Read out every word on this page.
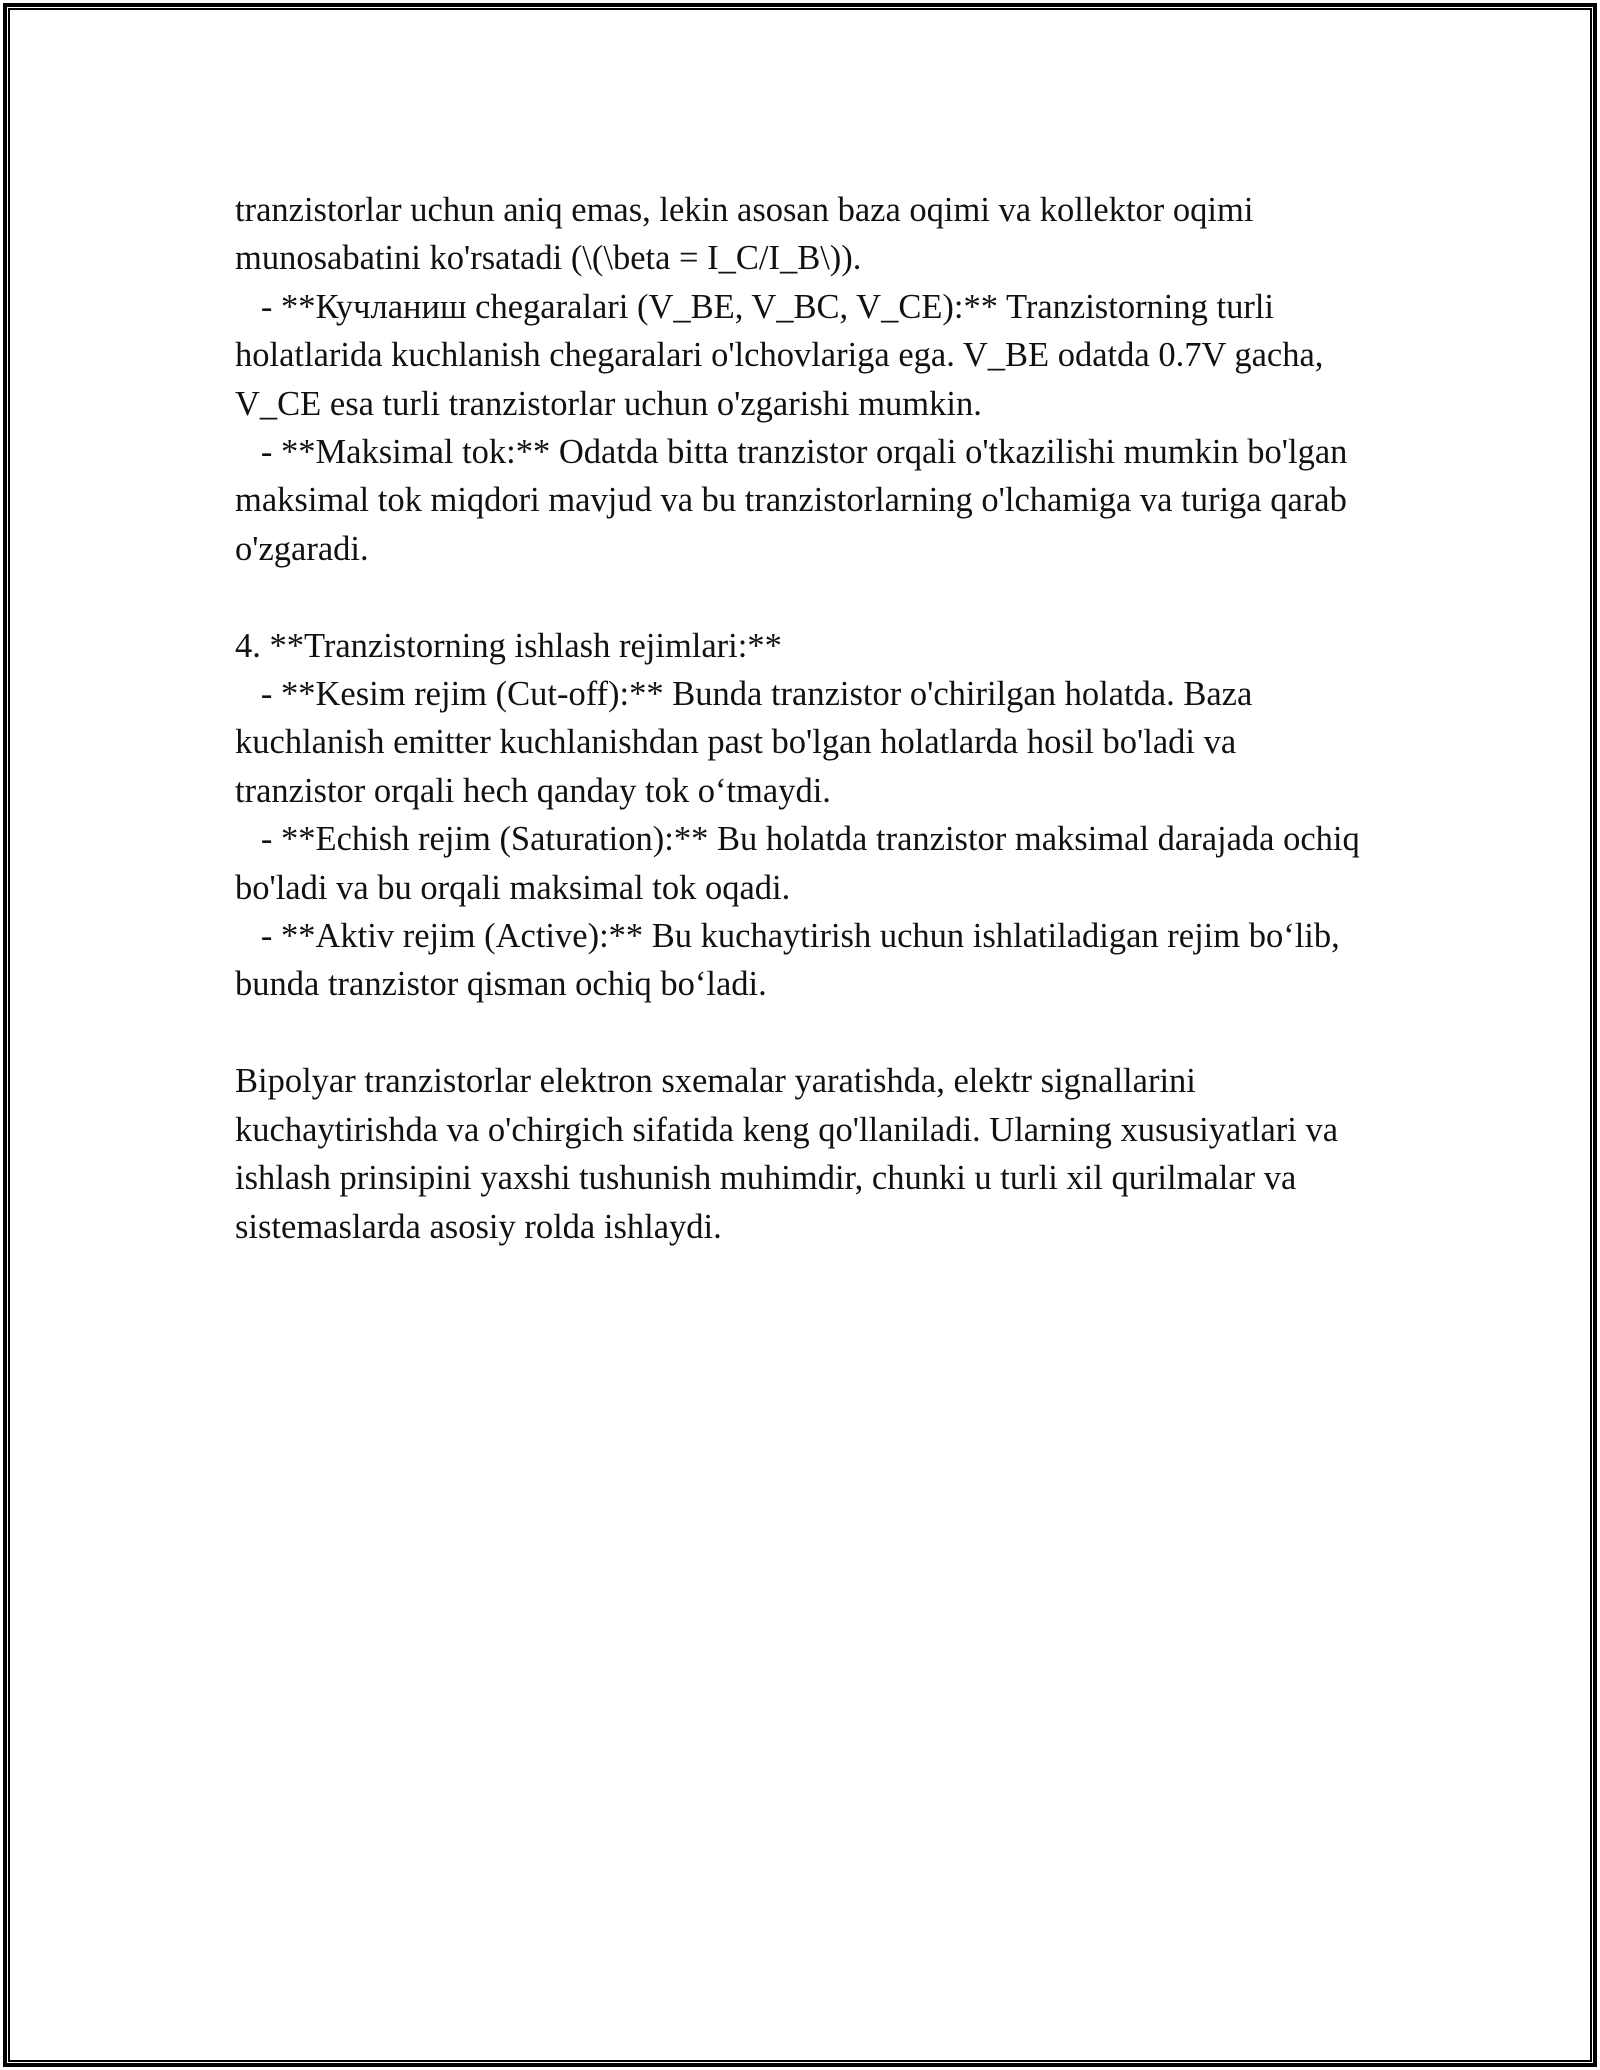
tranzistorlar uchun aniq emas, lekin asosan baza oqimi va kollektor oqimi munosabatini ko'rsatadi (\(\beta = I_C/I_B\)).

- **Кучланиш chegaralari (V_BE, V_BC, V_CE):** Tranzistorning turli holatlarida kuchlanish chegaralari o'lchovlariga ega. V_BE odatda 0.7V gacha, V_CE esa turli tranzistorlar uchun o'zgarishi mumkin.

- **Maksimal tok:** Odatda bitta tranzistor orqali o'tkazilishi mumkin bo'lgan maksimal tok miqdori mavjud va bu tranzistorlarning o'lchamiga va turiga qarab o'zgaradi.

4. **Tranzistorning ishlash rejimlari:**

- **Kesim rejim (Cut-off):** Bunda tranzistor o'chirilgan holatda. Baza kuchlanish emitter kuchlanishdan past bo'lgan holatlarda hosil bo'ladi va tranzistor orqali hech qanday tok o‘tmaydi.

- **Echish rejim (Saturation):** Bu holatda tranzistor maksimal darajada ochiq bo'ladi va bu orqali maksimal tok oqadi.

- **Aktiv rejim (Active):** Bu kuchaytirish uchun ishlatiladigan rejim bo‘lib, bunda tranzistor qisman ochiq bo‘ladi.

Bipolyar tranzistorlar elektron sxemalar yaratishda, elektr signallarini kuchaytirishda va o'chirgich sifatida keng qo'llaniladi. Ularning xususiyatlari va ishlash prinsipini yaxshi tushunish muhimdir, chunki u turli xil qurilmalar va sistemaslarda asosiy rolda ishlaydi.
